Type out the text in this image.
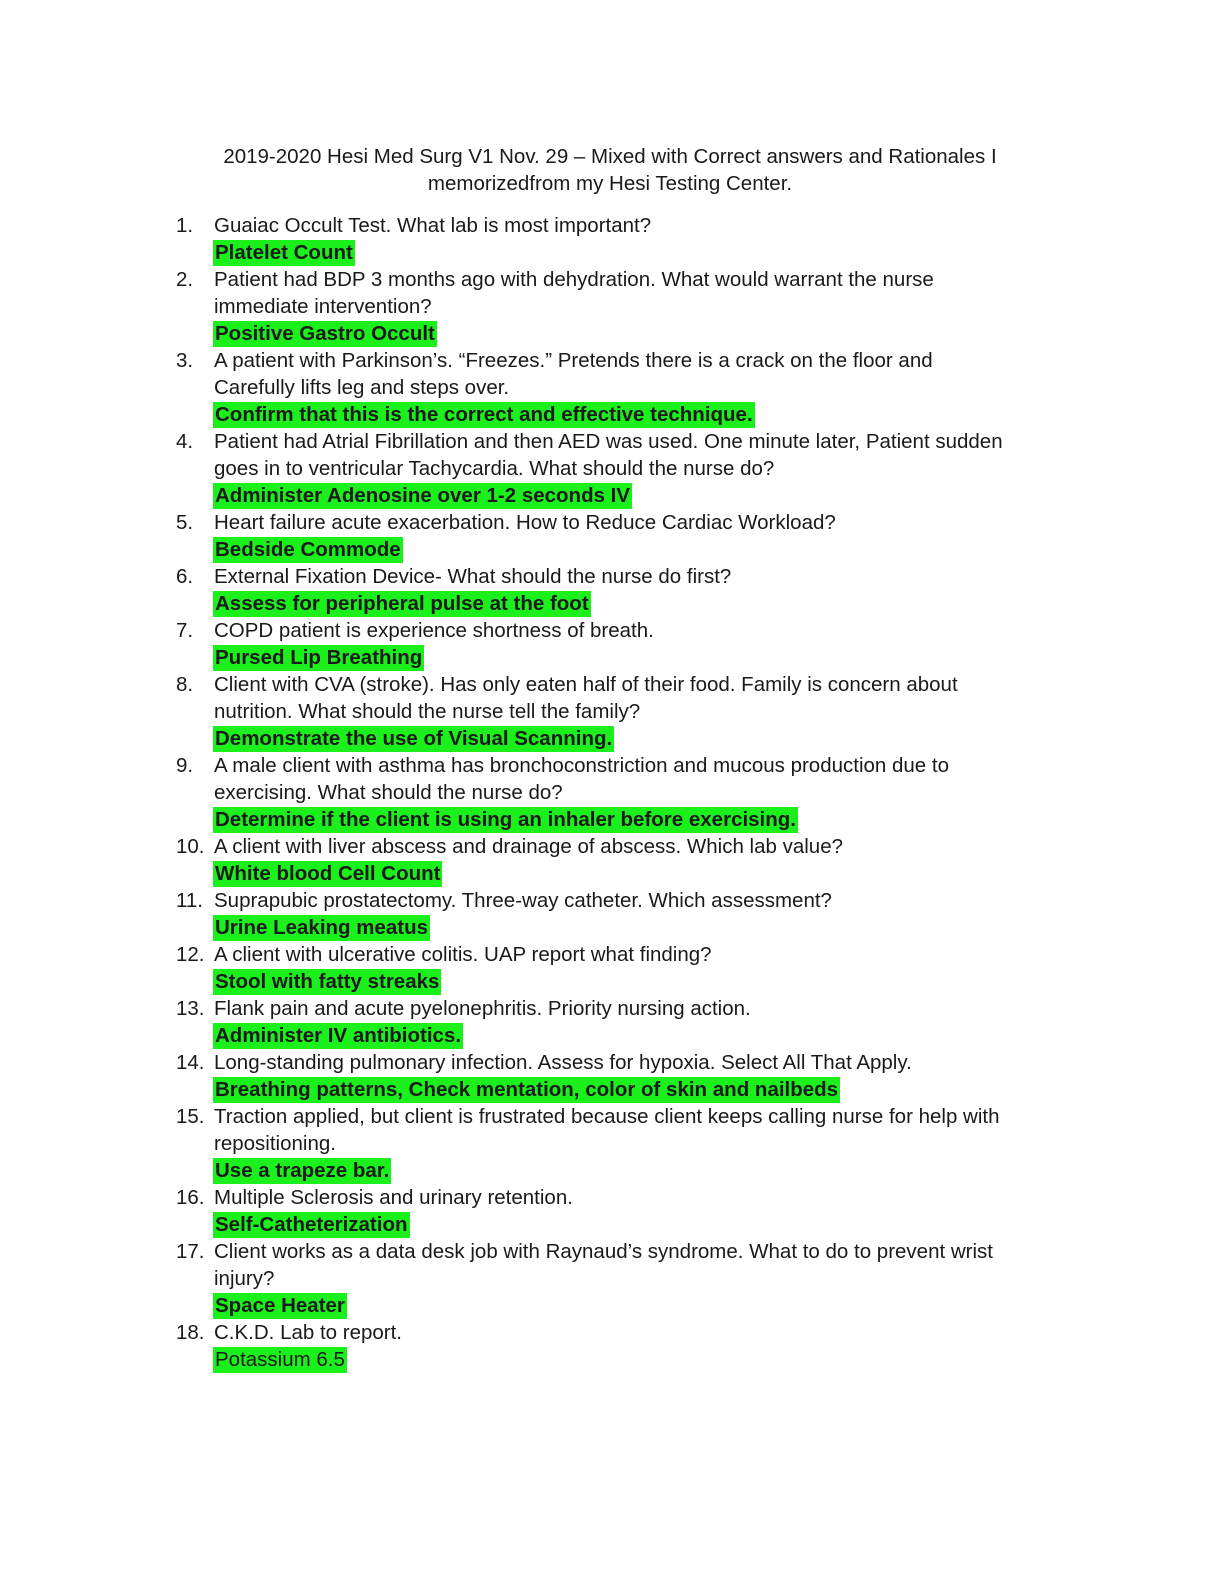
2019-2020 Hesi Med Surg V1 Nov. 29 – Mixed with Correct answers and Rationales I
memorizedfrom my Hesi Testing Center.
1.	Guaiac Occult Test. What lab is most important?
Platelet Count
2.	Patient had BDP 3 months ago with dehydration. What would warrant the nurse
immediate intervention?
Positive Gastro Occult
3.	A patient with Parkinson’s. “Freezes.” Pretends there is a crack on the floor and
Carefully lifts leg and steps over.
Confirm that this is the correct and effective technique.
4.	Patient had Atrial Fibrillation and then AED was used. One minute later, Patient sudden
goes in to ventricular Tachycardia. What should the nurse do?
Administer Adenosine over 1-2 seconds IV
5.	Heart failure acute exacerbation. How to Reduce Cardiac Workload?
Bedside Commode
6.	External Fixation Device- What should the nurse do first?
Assess for peripheral pulse at the foot
7.	COPD patient is experience shortness of breath.
Pursed Lip Breathing
8.	Client with CVA (stroke). Has only eaten half of their food. Family is concern about
nutrition. What should the nurse tell the family?
Demonstrate the use of Visual Scanning.
9.	A male client with asthma has bronchoconstriction and mucous production due to
exercising. What should the nurse do?
Determine if the client is using an inhaler before exercising.
10. A client with liver abscess and drainage of abscess. Which lab value?
White blood Cell Count
11. Suprapubic prostatectomy. Three-way catheter. Which assessment?
Urine Leaking meatus
12. A client with ulcerative colitis. UAP report what finding?
Stool with fatty streaks
13. Flank pain and acute pyelonephritis. Priority nursing action.
Administer IV antibiotics.
14. Long-standing pulmonary infection. Assess for hypoxia. Select All That Apply.
Breathing patterns, Check mentation, color of skin and nailbeds
15. Traction applied, but client is frustrated because client keeps calling nurse for help with
repositioning.
Use a trapeze bar.
16. Multiple Sclerosis and urinary retention.
Self-Catheterization
17. Client works as a data desk job with Raynaud’s syndrome. What to do to prevent wrist
injury?
Space Heater
18. C.K.D. Lab to report.
Potassium 6.5
